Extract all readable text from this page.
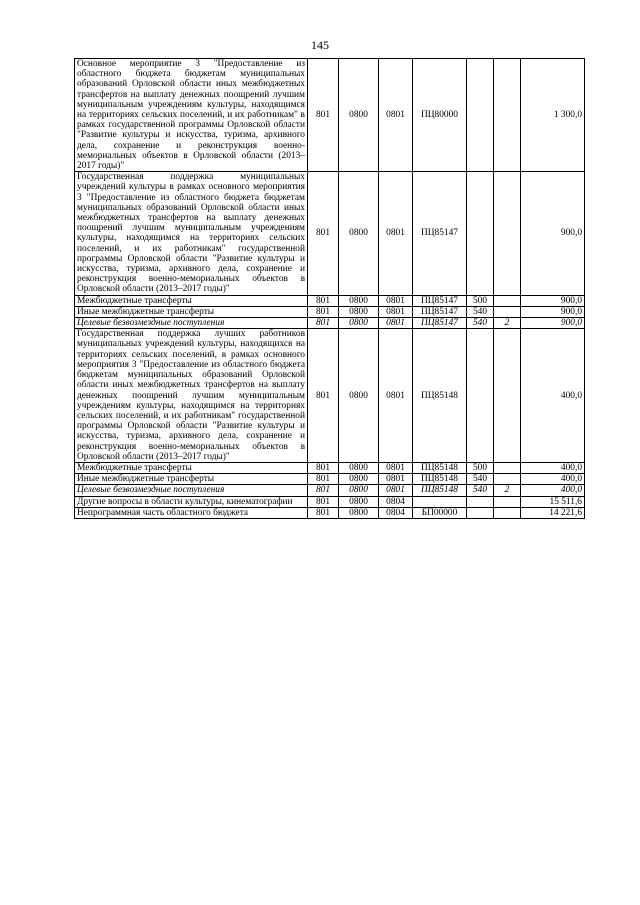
145
Основное мероприятие 3 "Предоставление из областного бюджета бюджетам муниципальных образований Орловской области иных межбюджетных трансфертов на выплату денежных поощрений лучшим муниципальным учреждениям культуры, находящимся на территориях сельских поселений, и их работникам" в рамках государственной программы Орловской области "Развитие культуры и искусства, туризма, архивного дела, сохранение и реконструкция военно-мемориальных объектов в Орловской области (2013–2017 годы)"	801	0800	0801	ПЦ80000			1 300,0
Государственная поддержка муниципальных учреждений культуры в рамках основного мероприятия 3 "Предоставление из областного бюджета бюджетам муниципальных образований Орловской области иных межбюджетных трансфертов на выплату денежных поощрений лучшим муниципальным учреждениям культуры, находящимся на территориях сельских поселений, и их работникам" государственной программы Орловской области "Развитие культуры и искусства, туризма, архивного дела, сохранение и реконструкция военно-мемориальных объектов в Орловской области (2013–2017 годы)"	801	0800	0801	ПЦ85147			900,0
Межбюджетные трансферты	801	0800	0801	ПЦ85147	500		900,0
Иные межбюджетные трансферты	801	0800	0801	ПЦ85147	540		900,0
Целевые безвозмездные поступления	801	0800	0801	ПЦ85147	540	2	900,0
Государственная поддержка лучших работников муниципальных учреждений культуры, находящихся на территориях сельских поселений, в рамках основного мероприятия 3 "Предоставление из областного бюджета бюджетам муниципальных образований Орловской области иных межбюджетных трансфертов на выплату денежных поощрений лучшим муниципальным учреждениям культуры, находящимся на территориях сельских поселений, и их работникам" государственной программы Орловской области "Развитие культуры и искусства, туризма, архивного дела, сохранение и реконструкция военно-мемориальных объектов в Орловской области (2013–2017 годы)"	801	0800	0801	ПЦ85148			400,0
Межбюджетные трансферты	801	0800	0801	ПЦ85148	500		400,0
Иные межбюджетные трансферты	801	0800	0801	ПЦ85148	540		400,0
Целевые безвозмездные поступления	801	0800	0801	ПЦ85148	540	2	400,0
Другие вопросы в области культуры, кинематографии	801	0800	0804				15 511,6
Непрограммная часть областного бюджета	801	0800	0804	БП00000			14 221,6
